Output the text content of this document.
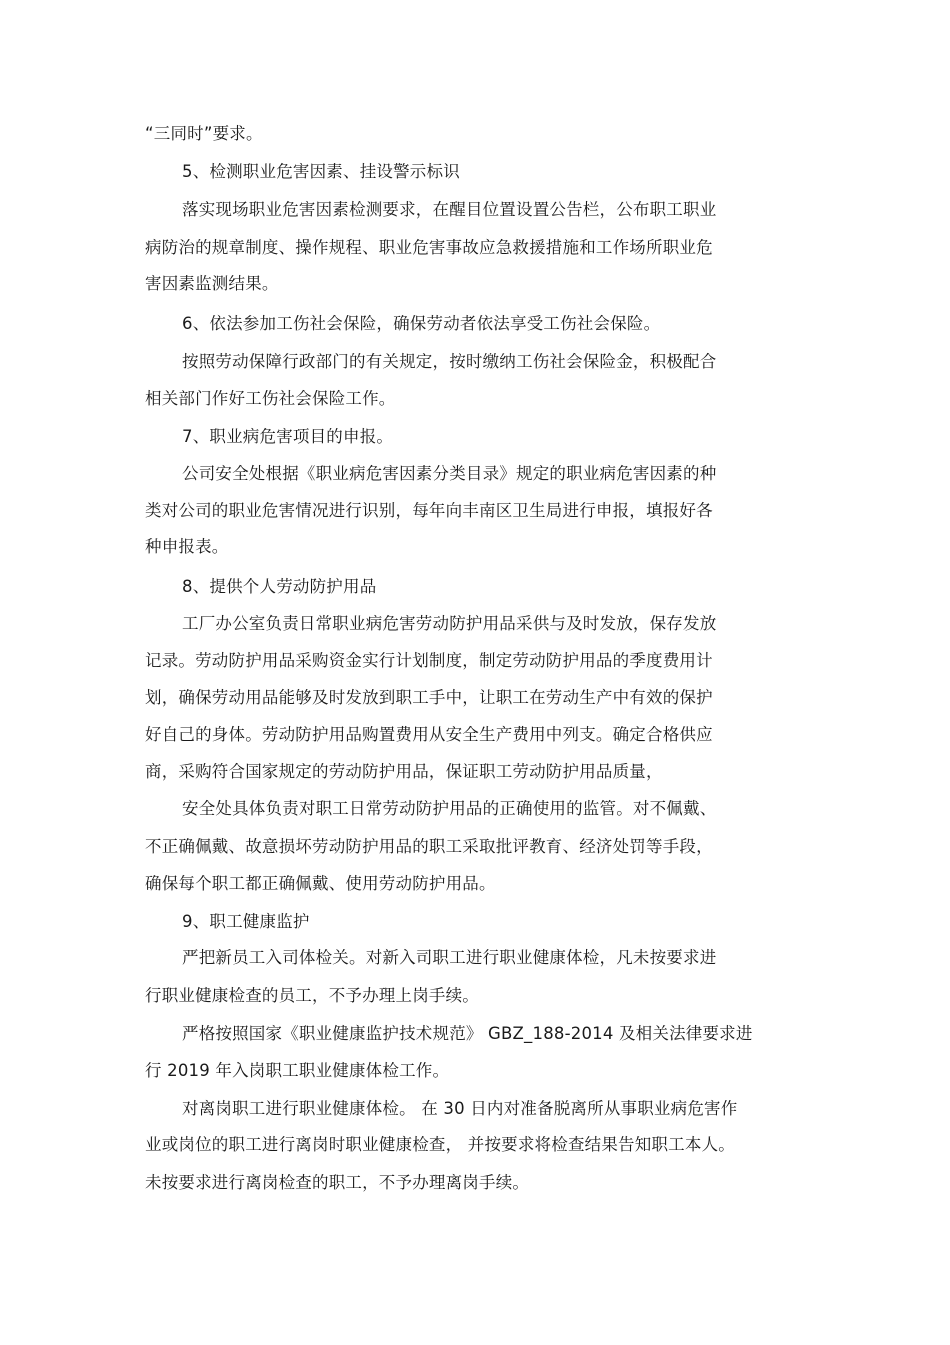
“三同时”要求。
5、检测职业危害因素、挂设警示标识
落实现场职业危害因素检测要求，在醒目位置设置公告栏，公布职工职业
病防治的规章制度、操作规程、职业危害事故应急救援措施和工作场所职业危
害因素监测结果。
6、依法参加工伤社会保险，确保劳动者依法享受工伤社会保险。
按照劳动保障行政部门的有关规定，按时缴纳工伤社会保险金，积极配合
相关部门作好工伤社会保险工作。
7、职业病危害项目的申报。
公司安全处根据《职业病危害因素分类目录》规定的职业病危害因素的种
类对公司的职业危害情况进行识别，每年向丰南区卫生局进行申报，填报好各
种申报表。
8、提供个人劳动防护用品
工厂办公室负责日常职业病危害劳动防护用品采供与及时发放，保存发放
记录。劳动防护用品采购资金实行计划制度，制定劳动防护用品的季度费用计
划，确保劳动用品能够及时发放到职工手中，让职工在劳动生产中有效的保护
好自己的身体。劳动防护用品购置费用从安全生产费用中列支。确定合格供应
商，采购符合国家规定的劳动防护用品，保证职工劳动防护用品质量，
安全处具体负责对职工日常劳动防护用品的正确使用的监管。对不佩戴、
不正确佩戴、故意损坏劳动防护用品的职工采取批评教育、经济处罚等手段，
确保每个职工都正确佩戴、使用劳动防护用品。
9、职工健康监护
严把新员工入司体检关。对新入司职工进行职业健康体检，凡未按要求进
行职业健康检查的员工，不予办理上岗手续。
严格按照国家《职业健康监护技术规范》 GBZ_188-2014 及相关法律要求进
行 2019 年入岗职工职业健康体检工作。
对离岗职工进行职业健康体检。 在 30 日内对准备脱离所从事职业病危害作
业或岗位的职工进行离岗时职业健康检查， 并按要求将检查结果告知职工本人。
未按要求进行离岗检查的职工，不予办理离岗手续。
